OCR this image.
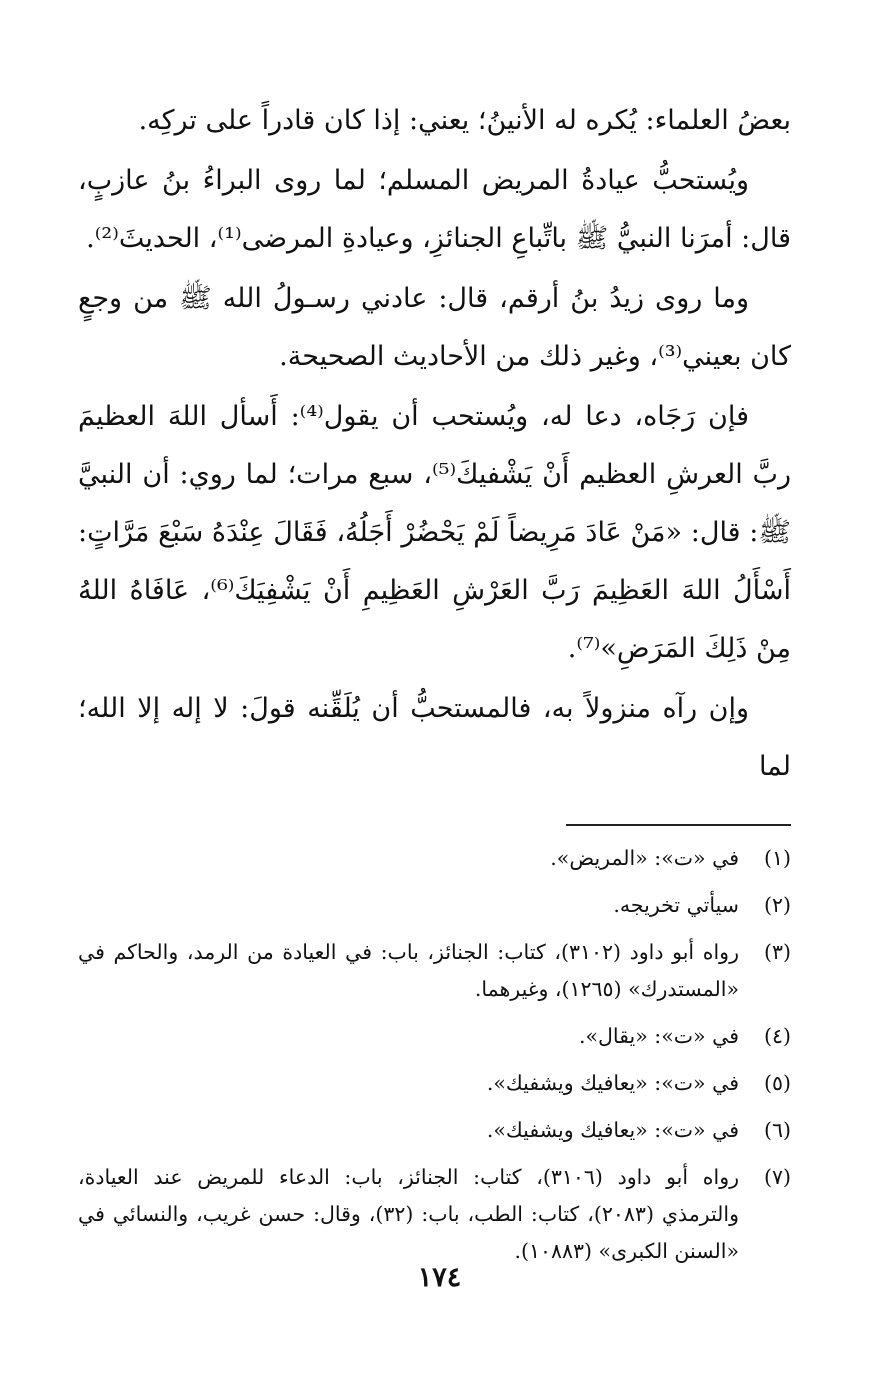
بعضُ العلماء: يُكره له الأنينُ؛ يعني: إذا كان قادراً على تركِه.

ويُستحبُّ عيادةُ المريض المسلم؛ لما روى البراءُ بنُ عازبٍ، قال: أمرَنا النبيُّ ﷺ باتِّباعِ الجنائزِ، وعيادةِ المرضى⁽¹⁾، الحديثَ⁽²⁾.

وما روى زيدُ بنُ أرقم، قال: عادني رسـولُ الله ﷺ من وجعٍ كان بعيني⁽³⁾، وغير ذلك من الأحاديث الصحيحة.

فإن رَجَاه، دعا له، ويُستحب أن يقول⁽⁴⁾: أَسأل اللهَ العظيمَ ربَّ العرشِ العظيم أَنْ يَشْفيكَ⁽⁵⁾، سبع مرات؛ لما روي: أن النبيَّ ﷺ: قال: «مَنْ عَادَ مَرِيضاً لَمْ يَحْضُرْ أَجَلُهُ، فَقَالَ عِنْدَهُ سَبْعَ مَرَّاتٍ: أَسْأَلُ اللهَ العَظِيمَ رَبَّ العَرْشِ العَظِيمِ أَنْ يَشْفِيَكَ⁽⁶⁾، عَافَاهُ اللهُ مِنْ ذَلِكَ المَرَضِ»⁽⁷⁾.

وإن رآه منزولاً به، فالمستحبُّ أن يُلَقِّنه قولَ: لا إله إلا الله؛ لما

(١)
في «ت»: «المريض».
(٢)
سيأتي تخريجه.
(٣)
رواه أبو داود (٣١٠٢)، كتاب: الجنائز، باب: في العيادة من الرمد، والحاكم في «المستدرك» (١٢٦٥)، وغيرهما.
(٤)
في «ت»: «يقال».
(٥)
في «ت»: «يعافيك ويشفيك».
(٦)
في «ت»: «يعافيك ويشفيك».
(٧)
رواه أبو داود (٣١٠٦)، كتاب: الجنائز، باب: الدعاء للمريض عند العيادة، والترمذي (٢٠٨٣)، كتاب: الطب، باب: (٣٢)، وقال: حسن غريب، والنسائي في «السنن الكبرى» (١٠٨٨٣).
١٧٤
